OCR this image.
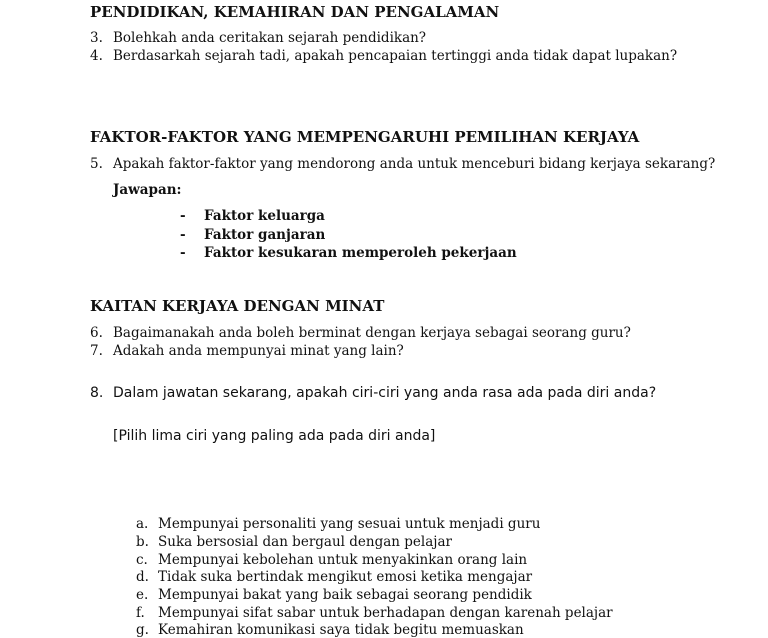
PENDIDIKAN, KEMAHIRAN DAN PENGALAMAN
3. Bolehkah anda ceritakan sejarah pendidikan?
4. Berdasarkah sejarah tadi, apakah pencapaian tertinggi anda tidak dapat lupakan?
FAKTOR-FAKTOR YANG MEMPENGARUHI PEMILIHAN KERJAYA
5. Apakah faktor-faktor yang mendorong anda untuk menceburi bidang kerjaya sekarang?
Jawapan:
- Faktor keluarga
- Faktor ganjaran
- Faktor kesukaran memperoleh pekerjaan
KAITAN KERJAYA DENGAN MINAT
6. Bagaimanakah anda boleh berminat dengan kerjaya sebagai seorang guru?
7. Adakah anda mempunyai minat yang lain?
8. Dalam jawatan sekarang, apakah ciri-ciri yang anda rasa ada pada diri anda?
[Pilih lima ciri yang paling ada pada diri anda]
a. Mempunyai personaliti yang sesuai untuk menjadi guru
b. Suka bersosial dan bergaul dengan pelajar
c. Mempunyai kebolehan untuk menyakinkan orang lain
d. Tidak suka bertindak mengikut emosi ketika mengajar
e. Mempunyai bakat yang baik sebagai seorang pendidik
f. Mempunyai sifat sabar untuk berhadapan dengan karenah pelajar
g. Kemahiran komunikasi saya tidak begitu memuaskan
